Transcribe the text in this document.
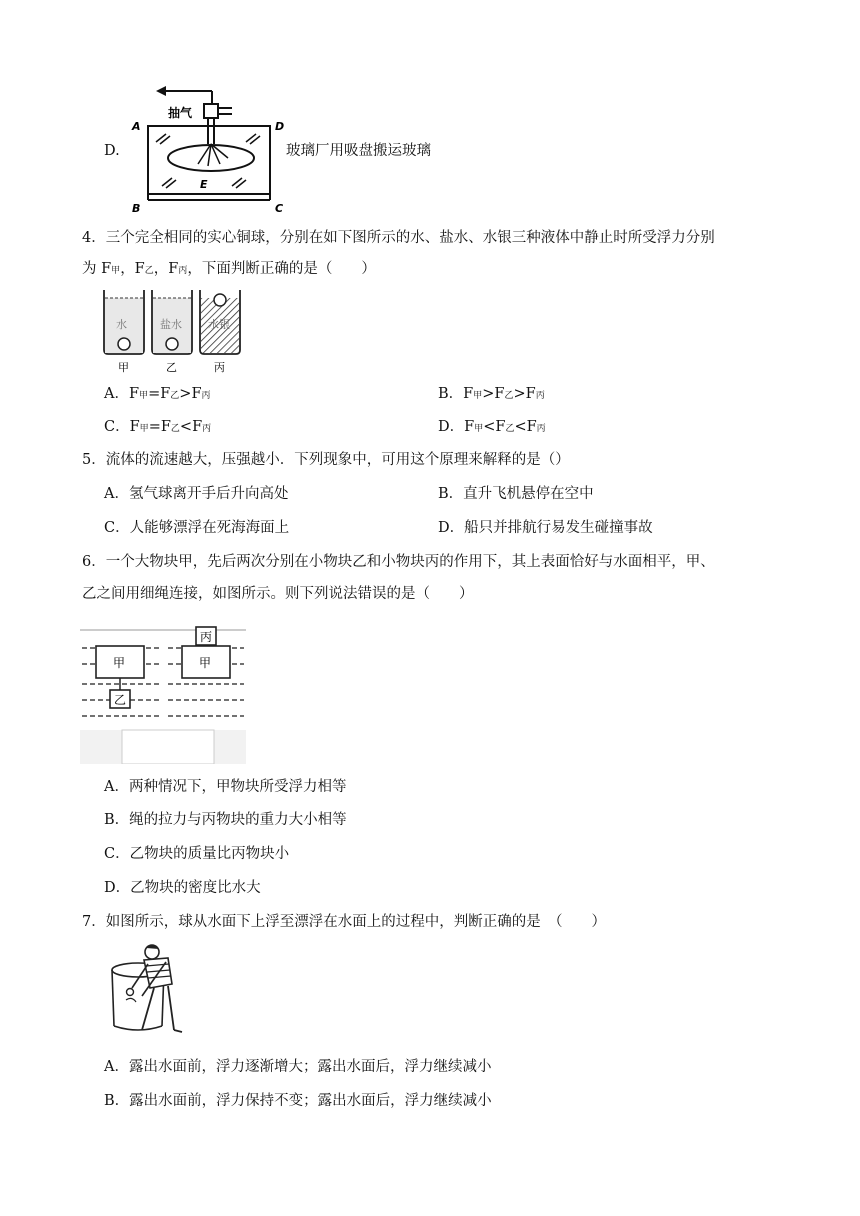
D.
抽气
A	D
B	C
E
玻璃厂用吸盘搬运玻璃
4．三个完全相同的实心铜球，分别在如下图所示的水、盐水、水银三种液体中静止时所受浮力分别
为 F甲，F乙，F丙，下面判断正确的是（　　）
水
甲
盐水
乙
水银
丙
A．F甲=F乙>F丙	B．F甲>F乙>F丙
C．F甲=F乙<F丙	D．F甲<F乙<F丙
5．流体的流速越大，压强越小．下列现象中，可用这个原理来解释的是（）
A．氢气球离开手后升向高处	B．直升飞机悬停在空中
C．人能够漂浮在死海海面上	D．船只并排航行易发生碰撞事故
6．一个大物块甲，先后两次分别在小物块乙和小物块丙的作用下，其上表面恰好与水面相平，甲、
乙之间用细绳连接，如图所示。则下列说法错误的是（　　）
甲
乙
丙
甲
A．两种情况下，甲物块所受浮力相等
B．绳的拉力与丙物块的重力大小相等
C．乙物块的质量比丙物块小
D．乙物块的密度比水大
7．如图所示，球从水面下上浮至漂浮在水面上的过程中，判断正确的是　（　　）
A．露出水面前，浮力逐渐增大；露出水面后，浮力继续减小
B．露出水面前，浮力保持不变；露出水面后，浮力继续减小
